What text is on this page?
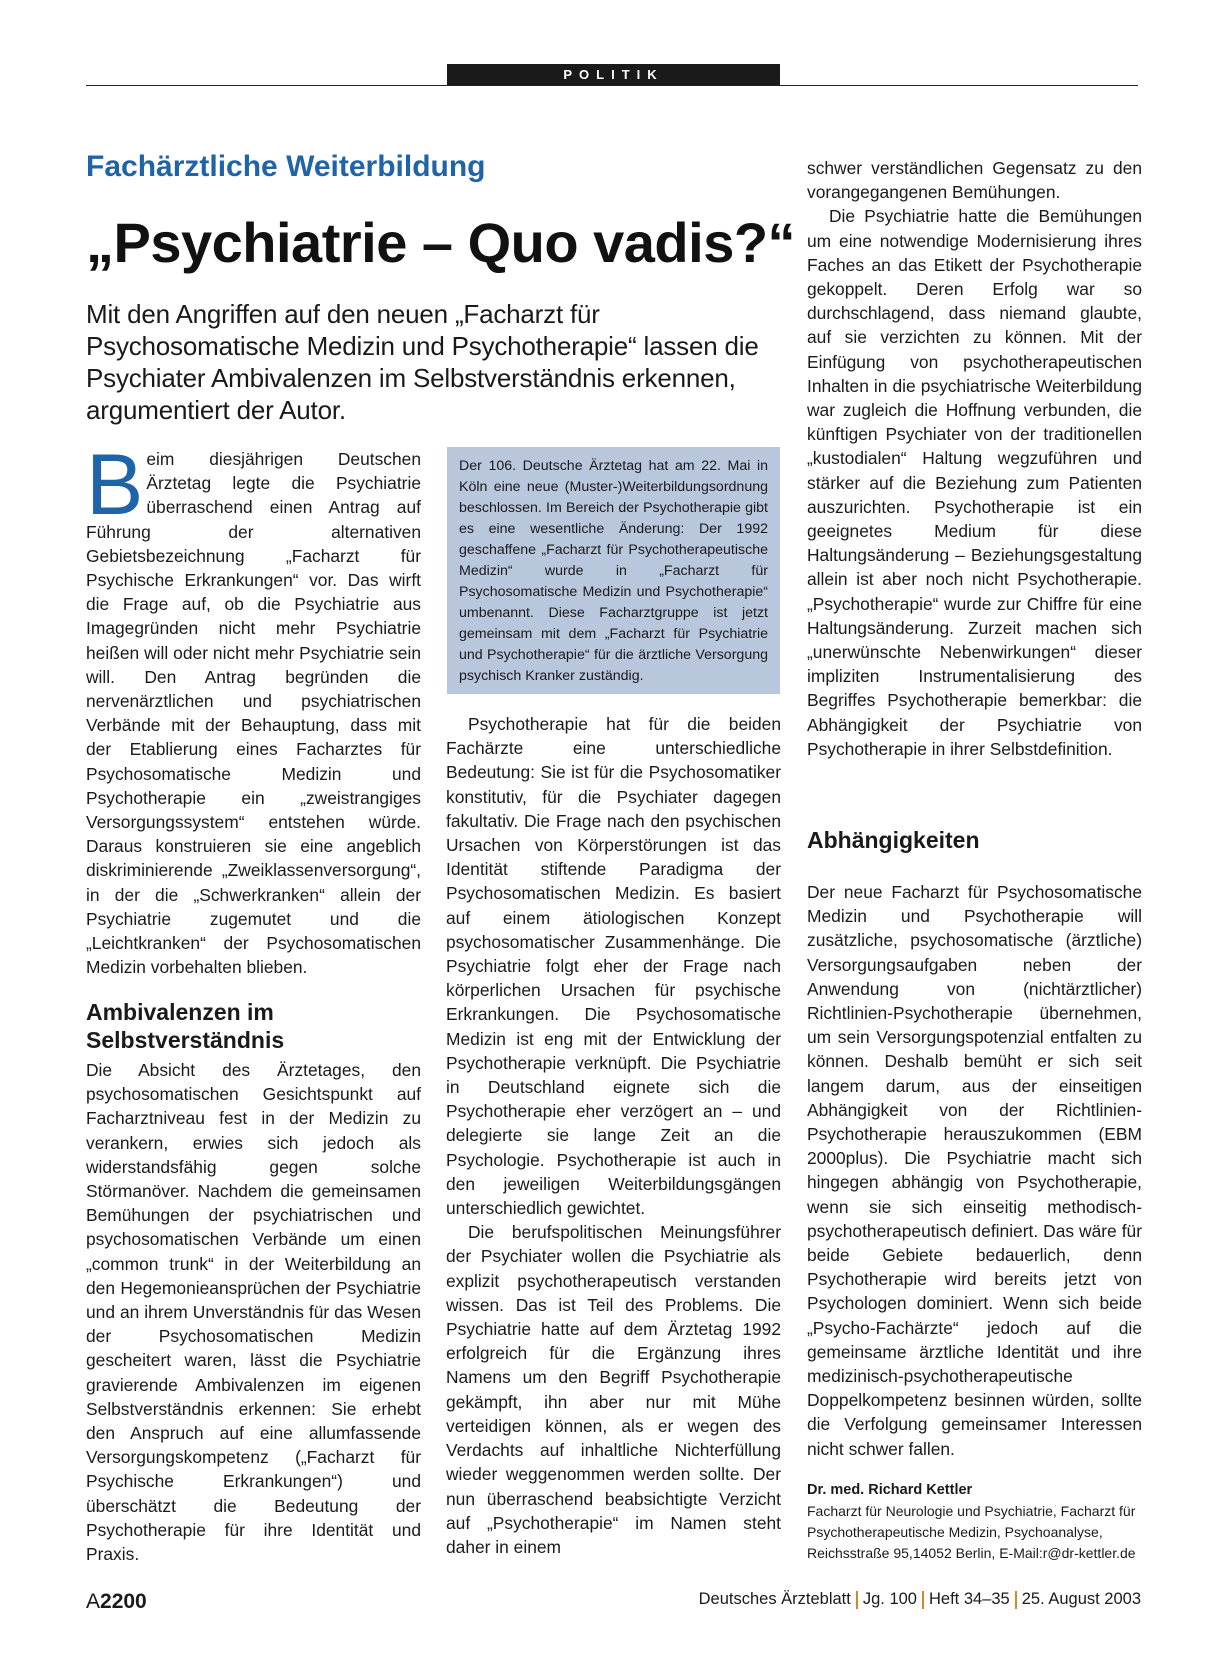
POLITIK
Fachärztliche Weiterbildung
„Psychiatrie – Quo vadis?“
Mit den Angriffen auf den neuen „Facharzt für Psychosomatische Medizin und Psychotherapie“ lassen die Psychiater Ambivalenzen im Selbstverständnis erkennen, argumentiert der Autor.

Beim diesjährigen Deutschen Ärztetag legte die Psychiatrie überraschend einen Antrag auf Führung der alternativen Gebietsbezeichnung „Facharzt für Psychische Erkrankungen“ vor. Das wirft die Frage auf, ob die Psychiatrie aus Imagegründen nicht mehr Psychiatrie heißen will oder nicht mehr Psychiatrie sein will. Den Antrag begründen die nervenärztlichen und psychiatrischen Verbände mit der Behauptung, dass mit der Etablierung eines Facharztes für Psychosomatische Medizin und Psychotherapie ein „zweistrangiges Versorgungssystem“ entstehen würde. Daraus konstruieren sie eine angeblich diskriminierende „Zweiklassenversorgung“, in der die „Schwerkranken“ allein der Psychiatrie zugemutet und die „Leichtkranken“ der Psychosomatischen Medizin vorbehalten blieben.

Ambivalenzen im Selbstverständnis

Die Absicht des Ärztetages, den psychosomatischen Gesichtspunkt auf Facharztniveau fest in der Medizin zu verankern, erwies sich jedoch als widerstandsfähig gegen solche Störmanöver. Nachdem die gemeinsamen Bemühungen der psychiatrischen und psychosomatischen Verbände um einen „common trunk“ in der Weiterbildung an den Hegemonieansprüchen der Psychiatrie und an ihrem Unverständnis für das Wesen der Psychosomatischen Medizin gescheitert waren, lässt die Psychiatrie gravierende Ambivalenzen im eigenen Selbstverständnis erkennen: Sie erhebt den Anspruch auf eine allumfassende Versorgungskompetenz („Facharzt für Psychische Erkrankungen“) und überschätzt die Bedeutung der Psychotherapie für ihre Identität und Praxis.

Der 106. Deutsche Ärztetag hat am 22. Mai in Köln eine neue (Muster-)Weiterbildungsordnung beschlossen. Im Bereich der Psychotherapie gibt es eine wesentliche Änderung: Der 1992 geschaffene „Facharzt für Psychotherapeutische Medizin“ wurde in „Facharzt für Psychosomatische Medizin und Psychotherapie“ umbenannt. Diese Facharztgruppe ist jetzt gemeinsam mit dem „Facharzt für Psychiatrie und Psychotherapie“ für die ärztliche Versorgung psychisch Kranker zuständig.

Psychotherapie hat für die beiden Fachärzte eine unterschiedliche Bedeutung: Sie ist für die Psychosomatiker konstitutiv, für die Psychiater dagegen fakultativ. Die Frage nach den psychischen Ursachen von Körperstörungen ist das Identität stiftende Paradigma der Psychosomatischen Medizin. Es basiert auf einem ätiologischen Konzept psychosomatischer Zusammenhänge. Die Psychiatrie folgt eher der Frage nach körperlichen Ursachen für psychische Erkrankungen. Die Psychosomatische Medizin ist eng mit der Entwicklung der Psychotherapie verknüpft. Die Psychiatrie in Deutschland eignete sich die Psychotherapie eher verzögert an – und delegierte sie lange Zeit an die Psychologie. Psychotherapie ist auch in den jeweiligen Weiterbildungsgängen unterschiedlich gewichtet.

Die berufspolitischen Meinungsführer der Psychiater wollen die Psychiatrie als explizit psychotherapeutisch verstanden wissen. Das ist Teil des Problems. Die Psychiatrie hatte auf dem Ärztetag 1992 erfolgreich für die Ergänzung ihres Namens um den Begriff Psychotherapie gekämpft, ihn aber nur mit Mühe verteidigen können, als er wegen des Verdachts auf inhaltliche Nichterfüllung wieder weggenommen werden sollte. Der nun überraschend beabsichtigte Verzicht auf „Psychotherapie“ im Namen steht daher in einem

schwer verständlichen Gegensatz zu den vorangegangenen Bemühungen.

Die Psychiatrie hatte die Bemühungen um eine notwendige Modernisierung ihres Faches an das Etikett der Psychotherapie gekoppelt. Deren Erfolg war so durchschlagend, dass niemand glaubte, auf sie verzichten zu können. Mit der Einfügung von psychotherapeutischen Inhalten in die psychiatrische Weiterbildung war zugleich die Hoffnung verbunden, die künftigen Psychiater von der traditionellen „kustodialen“ Haltung wegzuführen und stärker auf die Beziehung zum Patienten auszurichten. Psychotherapie ist ein geeignetes Medium für diese Haltungsänderung – Beziehungsgestaltung allein ist aber noch nicht Psychotherapie. „Psychotherapie“ wurde zur Chiffre für eine Haltungsänderung. Zurzeit machen sich „unerwünschte Nebenwirkungen“ dieser impliziten Instrumentalisierung des Begriffes Psychotherapie bemerkbar: die Abhängigkeit der Psychiatrie von Psychotherapie in ihrer Selbstdefinition.

Abhängigkeiten

Der neue Facharzt für Psychosomatische Medizin und Psychotherapie will zusätzliche, psychosomatische (ärztliche) Versorgungsaufgaben neben der Anwendung von (nichtärztlicher) Richtlinien-Psychotherapie übernehmen, um sein Versorgungspotenzial entfalten zu können. Deshalb bemüht er sich seit langem darum, aus der einseitigen Abhängigkeit von der Richtlinien-Psychotherapie herauszukommen (EBM 2000plus). Die Psychiatrie macht sich hingegen abhängig von Psychotherapie, wenn sie sich einseitig methodisch-psychotherapeutisch definiert. Das wäre für beide Gebiete bedauerlich, denn Psychotherapie wird bereits jetzt von Psychologen dominiert. Wenn sich beide „Psycho-Fachärzte“ jedoch auf die gemeinsame ärztliche Identität und ihre medizinisch-psychotherapeutische Doppelkompetenz besinnen würden, sollte die Verfolgung gemeinsamer Interessen nicht schwer fallen.

Dr. med. Richard Kettler
Facharzt für Neurologie und Psychiatrie, Facharzt für
Psychotherapeutische Medizin, Psychoanalyse,
Reichsstraße 95,14052 Berlin, E-Mail:r@dr-kettler.de
A2200	Deutsches Ärzteblatt Jg. 100 Heft 34–35 25. August 2003
